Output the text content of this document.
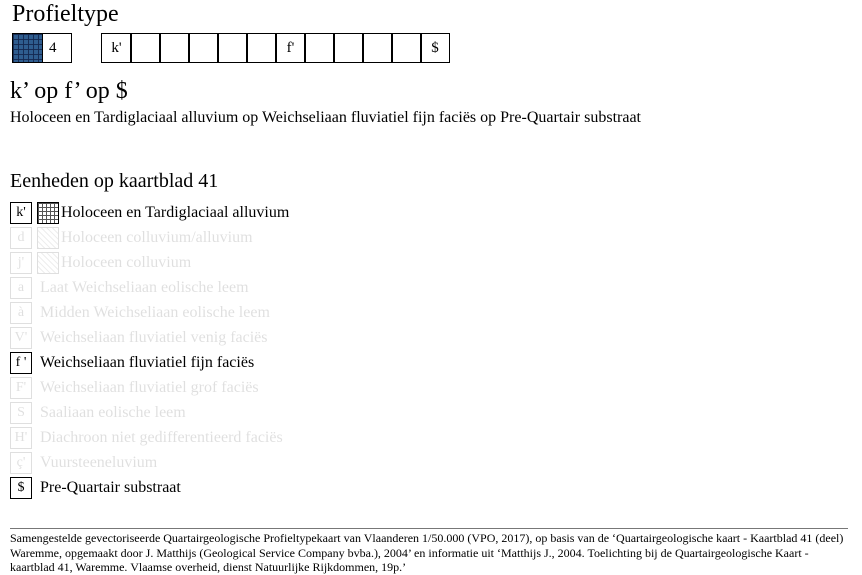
Profieltype
4	k'	f'	$
k’ op f’ op $
Holoceen en Tardiglaciaal alluvium op Weichseliaan fluviatiel fijn faciës op Pre-Quartair substraat
Eenheden op kaartblad 41
k'	Holoceen en Tardiglaciaal alluvium
d	Holoceen colluvium/alluvium
j'	Holoceen colluvium
a Laat Weichseliaan eolische leem
à Midden Weichseliaan eolische leem
V' Weichseliaan fluviatiel venig faciës
f ' Weichseliaan fluviatiel fijn faciës
F' Weichseliaan fluviatiel grof faciës
S Saaliaan eolische leem
H' Diachroon niet gedifferentieerd faciës
ç' Vuursteeneluvium
$ Pre-Quartair substraat
Samengestelde gevectoriseerde Quartairgeologische Profieltypekaart van Vlaanderen 1/50.000 (VPO, 2017), op basis van de ‘Quartairgeologische kaart - Kaartblad 41 (deel) Waremme, opgemaakt door J. Matthijs (Geological Service Company bvba.), 2004’ en informatie uit ‘Matthijs J., 2004. Toelichting bij de Quartairgeologische Kaart - kaartblad 41, Waremme. Vlaamse overheid, dienst Natuurlijke Rijkdommen, 19p.’
